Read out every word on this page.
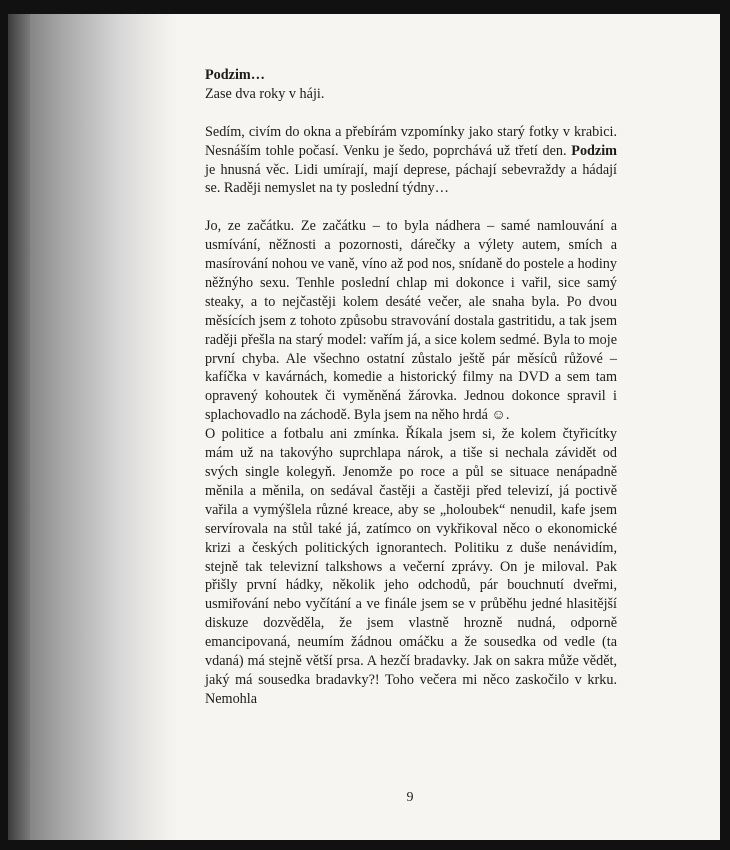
Podzim…

Zase dva roky v háji.

Sedím, civím do okna a přebírám vzpomínky jako starý fotky v krabici. Nesnáším tohle počasí. Venku je šedo, poprchává už třetí den. Podzim je hnusná věc. Lidi umírají, mají deprese, páchají sebevraždy a hádají se. Raději nemyslet na ty poslední týdny…

Jo, ze začátku. Ze začátku – to byla nádhera – samé namlouvání a usmívání, něžnosti a pozornosti, dárečky a výlety autem, smích a masírování nohou ve vaně, víno až pod nos, snídaně do postele a hodiny něžnýho sexu. Tenhle poslední chlap mi dokonce i vařil, sice samý steaky, a to nejčastěji kolem desáté večer, ale snaha byla. Po dvou měsících jsem z tohoto způsobu stravování dostala gastritidu, a tak jsem raději přešla na starý model: vařím já, a sice kolem sedmé. Byla to moje první chyba. Ale všechno ostatní zůstalo ještě pár měsíců růžové – kafíčka v kavárnách, komedie a historický filmy na DVD a sem tam opravený kohoutek či vyměněná žárovka. Jednou dokonce spravil i splachovadlo na záchodě. Byla jsem na něho hrdá ☺.

O politice a fotbalu ani zmínka. Říkala jsem si, že kolem čtyřicítky mám už na takovýho suprchlapa nárok, a tiše si nechala závidět od svých single kolegyň. Jenomže po roce a půl se situace nenápadně měnila a měnila, on sedával častěji a častěji před televizí, já poctivě vařila a vymýšlela různé kreace, aby se „holoubek“ nenudil, kafe jsem servírovala na stůl také já, zatímco on vykřikoval něco o ekonomické krizi a českých politických ignorantech. Politiku z duše nenávidím, stejně tak televizní talkshows a večerní zprávy. On je miloval. Pak přišly první hádky, několik jeho odchodů, pár bouchnutí dveřmi, usmiřování nebo vyčítání a ve finále jsem se v průběhu jedné hlasitější diskuze dozvěděla, že jsem vlastně hrozně nudná, odporně emancipovaná, neumím žádnou omáčku a že sousedka od vedle (ta vdaná) má stejně větší prsa. A hezčí bradavky. Jak on sakra může vědět, jaký má sousedka bradavky?! Toho večera mi něco zaskočilo v krku. Nemohla

9
